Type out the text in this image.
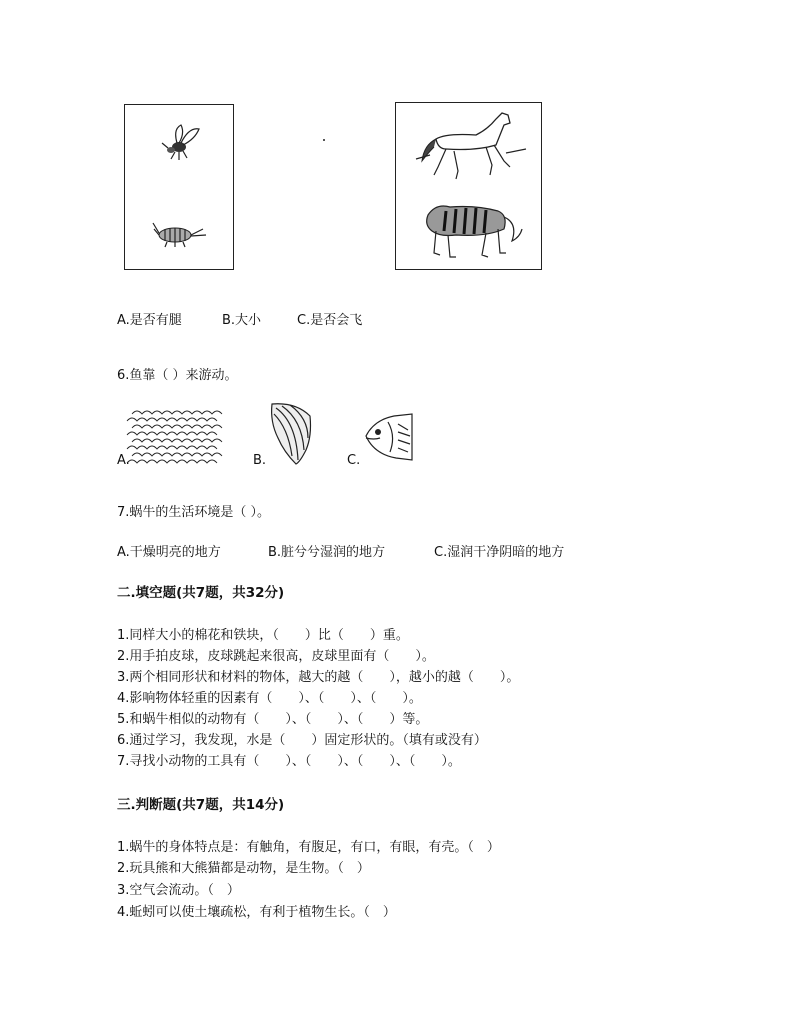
A.是否有腿	B.大小	C.是否会飞
6.鱼靠（ ）来游动。
A.	B.	C.
7.蜗牛的生活环境是（ ）。
A.干燥明亮的地方	B.脏兮兮湿润的地方	C.湿润干净阴暗的地方
二.填空题(共7题，共32分)
1.同样大小的棉花和铁块，（　　）比（　　）重。
2.用手拍皮球，皮球跳起来很高，皮球里面有（　　）。
3.两个相同形状和材料的物体，越大的越（　　），越小的越（　　）。
4.影响物体轻重的因素有（　　）、（　　）、（　　）。
5.和蜗牛相似的动物有（　　）、（　　）、（　　）等。
6.通过学习，我发现，水是（　　）固定形状的。（填有或没有）
7.寻找小动物的工具有（　　）、（　　）、（　　）、（　　）。
三.判断题(共7题，共14分)
1.蜗牛的身体特点是：有触角，有腹足，有口，有眼，有壳。（　）
2.玩具熊和大熊猫都是动物，是生物。（　）
3.空气会流动。（　）
4.蚯蚓可以使土壤疏松，有利于植物生长。（　）
